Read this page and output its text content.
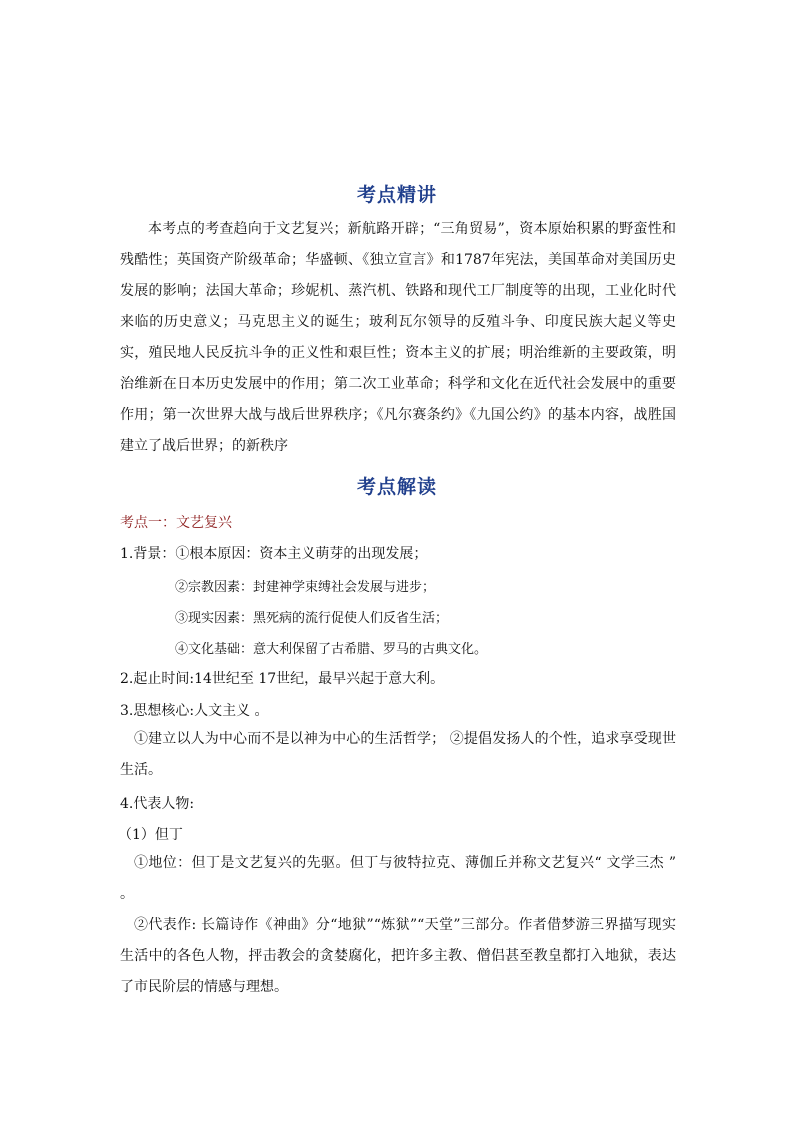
考点精讲

本考点的考查趋向于文艺复兴；新航路开辟；“三角贸易”，资本原始积累的野蛮性和残酷性；英国资产阶级革命；华盛顿、《独立宣言》和1787年宪法，美国革命对美国历史发展的影响；法国大革命；珍妮机、蒸汽机、铁路和现代工厂制度等的出现，工业化时代来临的历史意义；马克思主义的诞生；玻利瓦尔领导的反殖斗争、印度民族大起义等史实，殖民地人民反抗斗争的正义性和艰巨性；资本主义的扩展；明治维新的主要政策，明治维新在日本历史发展中的作用；第二次工业革命；科学和文化在近代社会发展中的重要作用；第一次世界大战与战后世界秩序；《凡尔赛条约》《九国公约》的基本内容，战胜国建立了战后世界；的新秩序

考点解读
考点一：文艺复兴
1.背景：①根本原因：资本主义萌芽的出现发展；
②宗教因素：封建神学束缚社会发展与进步；
③现实因素：黑死病的流行促使人们反省生活；
④文化基础：意大利保留了古希腊、罗马的古典文化。
2.起止时间:14世纪至 17世纪，最早兴起于意大利。
3.思想核心:人文主义 。

①建立以人为中心而不是以神为中心的生活哲学； ②提倡发扬人的个性，追求享受现世生活。

4.代表人物:
（1）但丁

①地位：但丁是文艺复兴的先驱。但丁与彼特拉克、薄伽丘并称文艺复兴“ 文学三杰 ” 。

②代表作: 长篇诗作《神曲》分“地狱”“炼狱”“天堂”三部分。作者借梦游三界描写现实生活中的各色人物，抨击教会的贪婪腐化，把许多主教、僧侣甚至教皇都打入地狱，表达了市民阶层的情感与理想。
